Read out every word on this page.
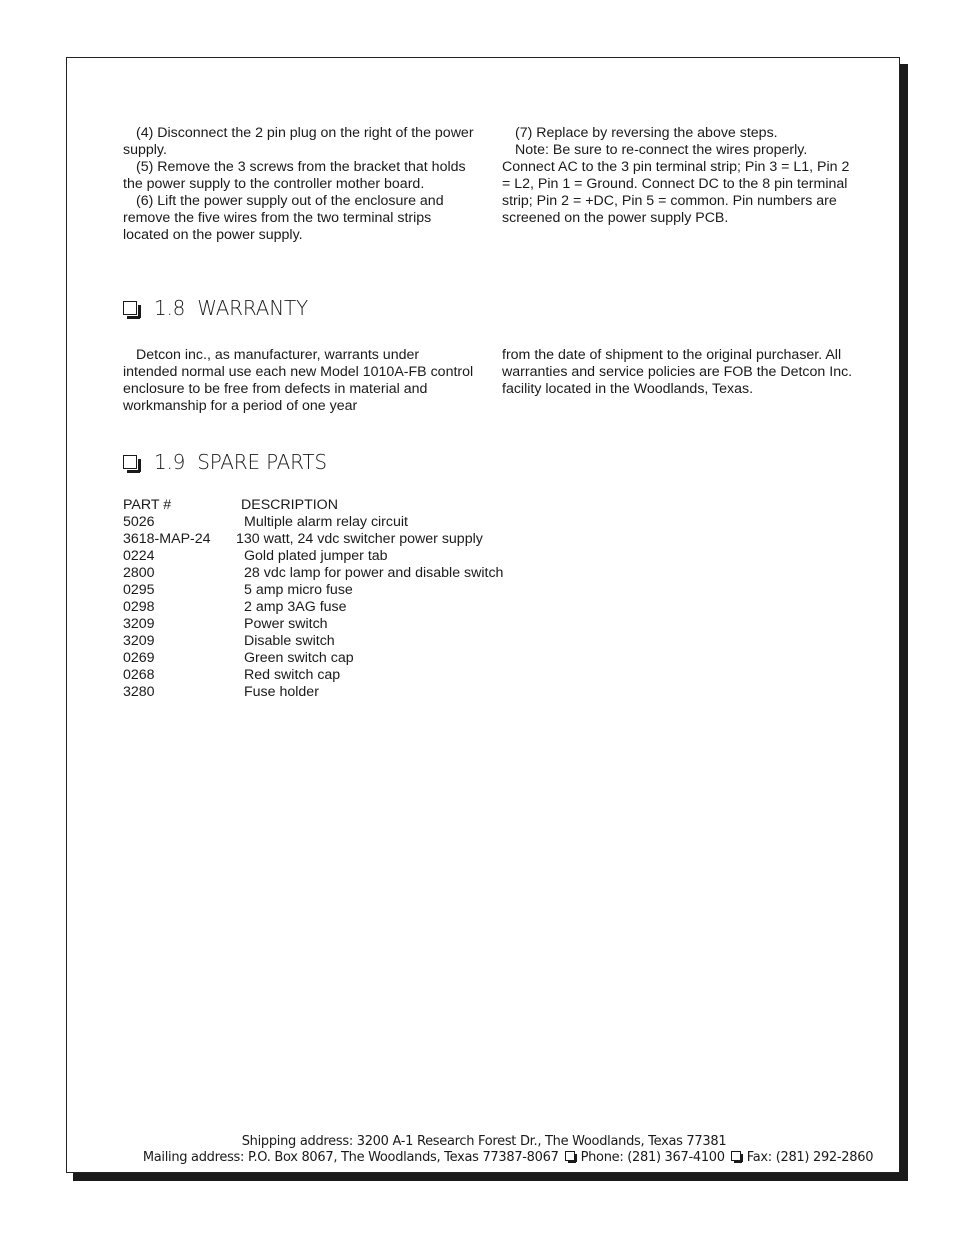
(4) Disconnect the 2 pin plug on the right of the power supply.

(5) Remove the 3 screws from the bracket that holds the power supply to the controller mother board.

(6) Lift the power supply out of the enclosure and remove the five wires from the two terminal strips located on the power supply.

(7) Replace by reversing the above steps.

Note: Be sure to re-connect the wires properly. Connect AC to the 3 pin terminal strip; Pin 3 = L1, Pin 2 = L2, Pin 1 = Ground. Connect DC to the 8 pin terminal strip; Pin 2 = +DC, Pin 5 = common. Pin numbers are screened on the power supply PCB.

1.8 WARRANTY

Detcon inc., as manufacturer, warrants under intended normal use each new Model 1010A-FB control enclosure to be free from defects in material and workmanship for a period of one year

from the date of shipment to the original purchaser. All warranties and service policies are FOB the Detcon Inc. facility located in the Woodlands, Texas.

1.9 SPARE PARTS
PART #	DESCRIPTION
5026	Multiple alarm relay circuit
3618-MAP-24	130 watt, 24 vdc switcher power supply
0224	Gold plated jumper tab
2800	28 vdc lamp for power and disable switch
0295	5 amp micro fuse
0298	2 amp 3AG fuse
3209	Power switch
3209	Disable switch
0269	Green switch cap
0268	Red switch cap
3280	Fuse holder
Shipping address: 3200 A-1 Research Forest Dr., The Woodlands, Texas 77381
Mailing address: P.O. Box 8067, The Woodlands, Texas 77387-8067 Phone: (281) 367-4100 Fax: (281) 292-2860
